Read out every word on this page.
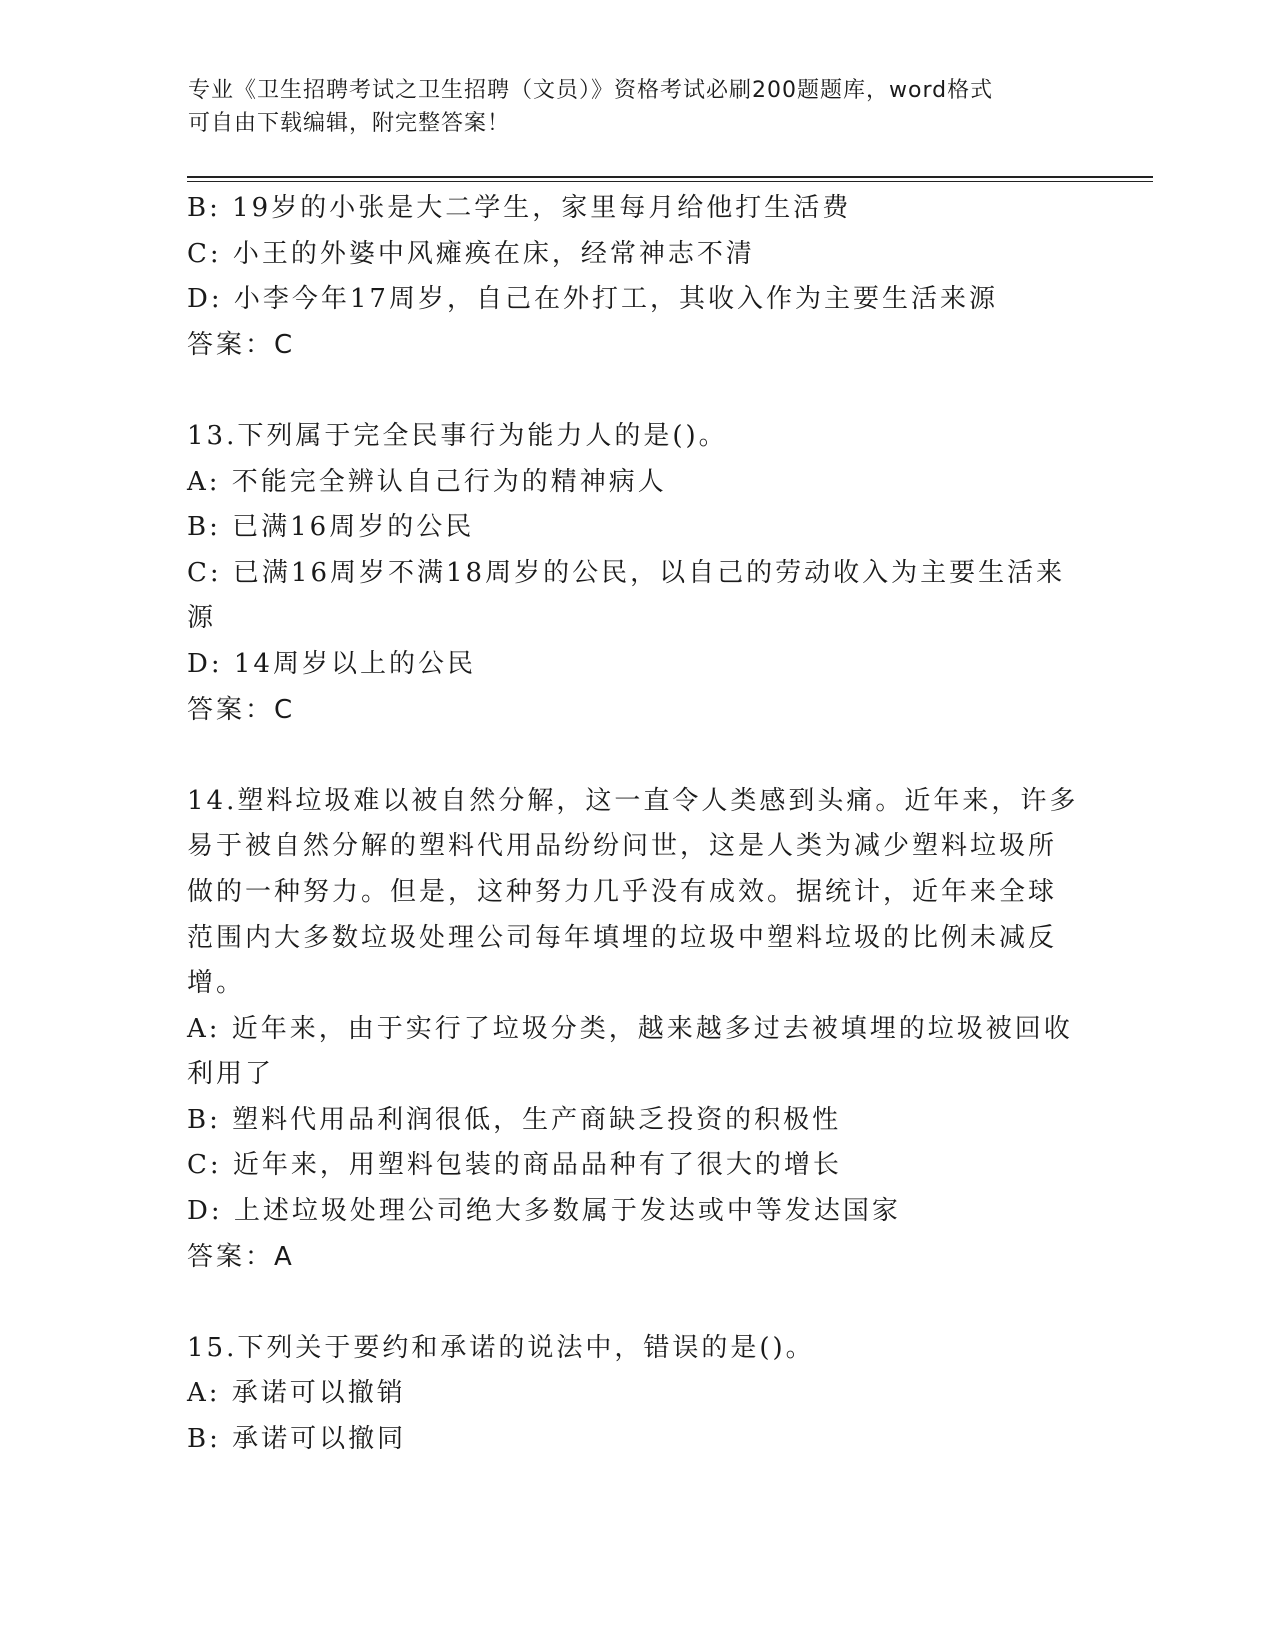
专业《卫生招聘考试之卫生招聘（文员）》资格考试必刷200题题库，word格式
可自由下载编辑，附完整答案！
B: 19岁的小张是大二学生，家里每月给他打生活费
C: 小王的外婆中风瘫痪在床，经常神志不清
D: 小李今年17周岁，自己在外打工，其收入作为主要生活来源
答案：C
13.下列属于完全民事行为能力人的是()。
A: 不能完全辨认自己行为的精神病人
B: 已满16周岁的公民
C: 已满16周岁不满18周岁的公民，以自己的劳动收入为主要生活来
源
D: 14周岁以上的公民
答案：C
14.塑料垃圾难以被自然分解，这一直令人类感到头痛。近年来，许多
易于被自然分解的塑料代用品纷纷问世，这是人类为减少塑料垃圾所
做的一种努力。但是，这种努力几乎没有成效。据统计，近年来全球
范围内大多数垃圾处理公司每年填埋的垃圾中塑料垃圾的比例未减反
增。
A: 近年来，由于实行了垃圾分类，越来越多过去被填埋的垃圾被回收
利用了
B: 塑料代用品利润很低，生产商缺乏投资的积极性
C: 近年来，用塑料包装的商品品种有了很大的增长
D: 上述垃圾处理公司绝大多数属于发达或中等发达国家
答案：A
15.下列关于要约和承诺的说法中，错误的是()。
A: 承诺可以撤销
B: 承诺可以撤同
